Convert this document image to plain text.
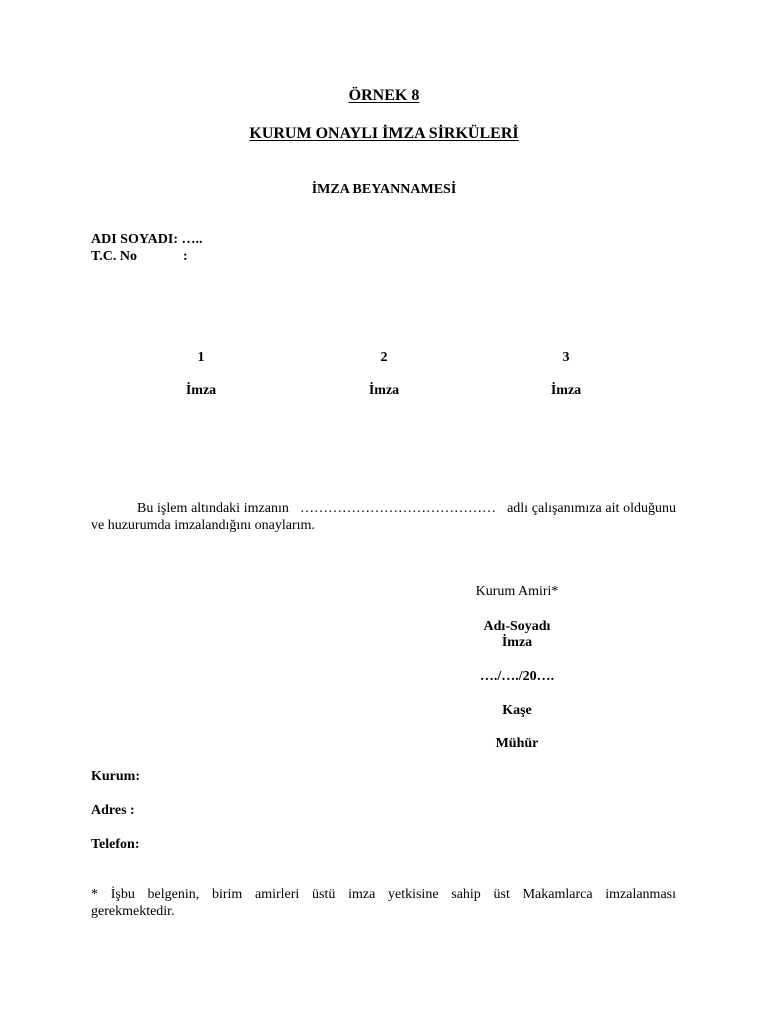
ÖRNEK 8
KURUM ONAYLI İMZA SİRKÜLERİ
İMZA BEYANNAMESİ
ADI SOYADI: …..
T.C. No	:
1	2	3
İmza	İmza	İmza
Bu işlem altındaki imzanın …………………………………… adlı çalışanımıza ait olduğunu ve huzurumda imzalandığını onaylarım.
Kurum Amiri*
Adı-Soyadı
İmza
…./…./20….
Kaşe
Mühür
Kurum:
Adres :
Telefon:
* İşbu belgenin, birim amirleri üstü imza yetkisine sahip üst Makamlarca imzalanması
gerekmektedir.
